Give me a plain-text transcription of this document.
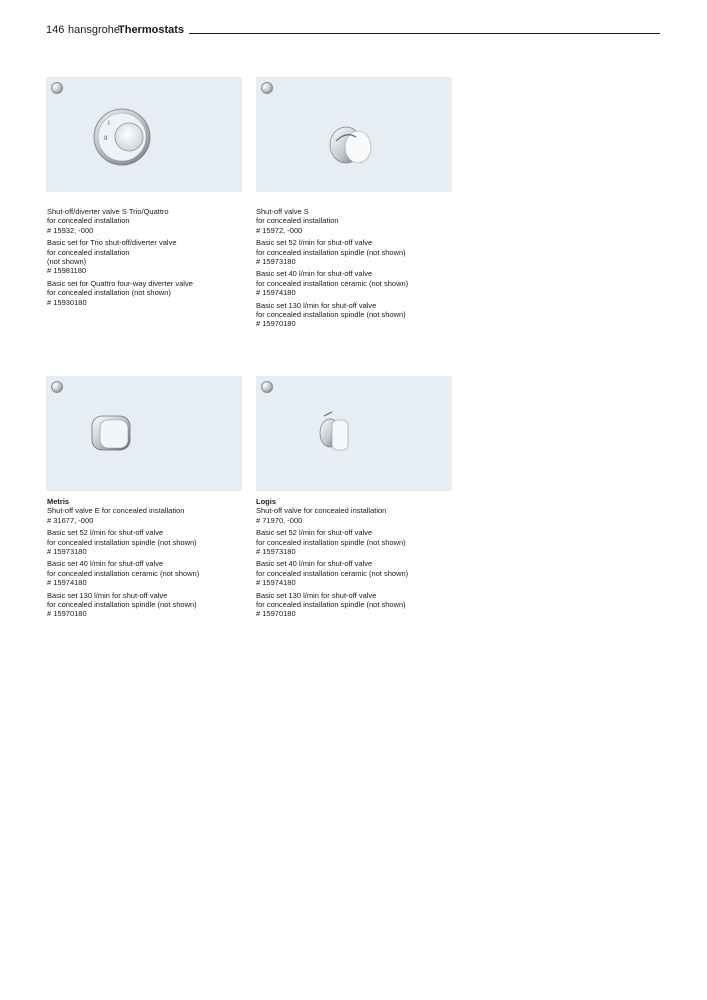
146 hansgrohe
Thermostats
I
II
Shut-off/diverter valve S Trio/Quattro
for concealed installation
# 15932, -000
Basic set for Trio shut-off/diverter valve
for concealed installation
(not shown)
# 15981180
Basic set for Quattro four-way diverter valve
for concealed installation (not shown)
# 15930180
Shut-off valve S
for concealed installation
# 15972, -000
Basic set 52 l/min for shut-off valve
for concealed installation spindle (not shown)
# 15973180
Basic set 40 l/min for shut-off valve
for concealed installation ceramic (not shown)
# 15974180
Basic set 130 l/min for shut-off valve
for concealed installation spindle (not shown)
# 15970180
Metris
Shut-off valve E for concealed installation
# 31677, -000
Basic set 52 l/min for shut-off valve
for concealed installation spindle (not shown)
# 15973180
Basic set 40 l/min for shut-off valve
for concealed installation ceramic (not shown)
# 15974180
Basic set 130 l/min for shut-off valve
for concealed installation spindle (not shown)
# 15970180
Logis
Shut-off valve for concealed installation
# 71970, -000
Basic set 52 l/min for shut-off valve
for concealed installation spindle (not shown)
# 15973180
Basic set 40 l/min for shut-off valve
for concealed installation ceramic (not shown)
# 15974180
Basic set 130 l/min for shut-off valve
for concealed installation spindle (not shown)
# 15970180
